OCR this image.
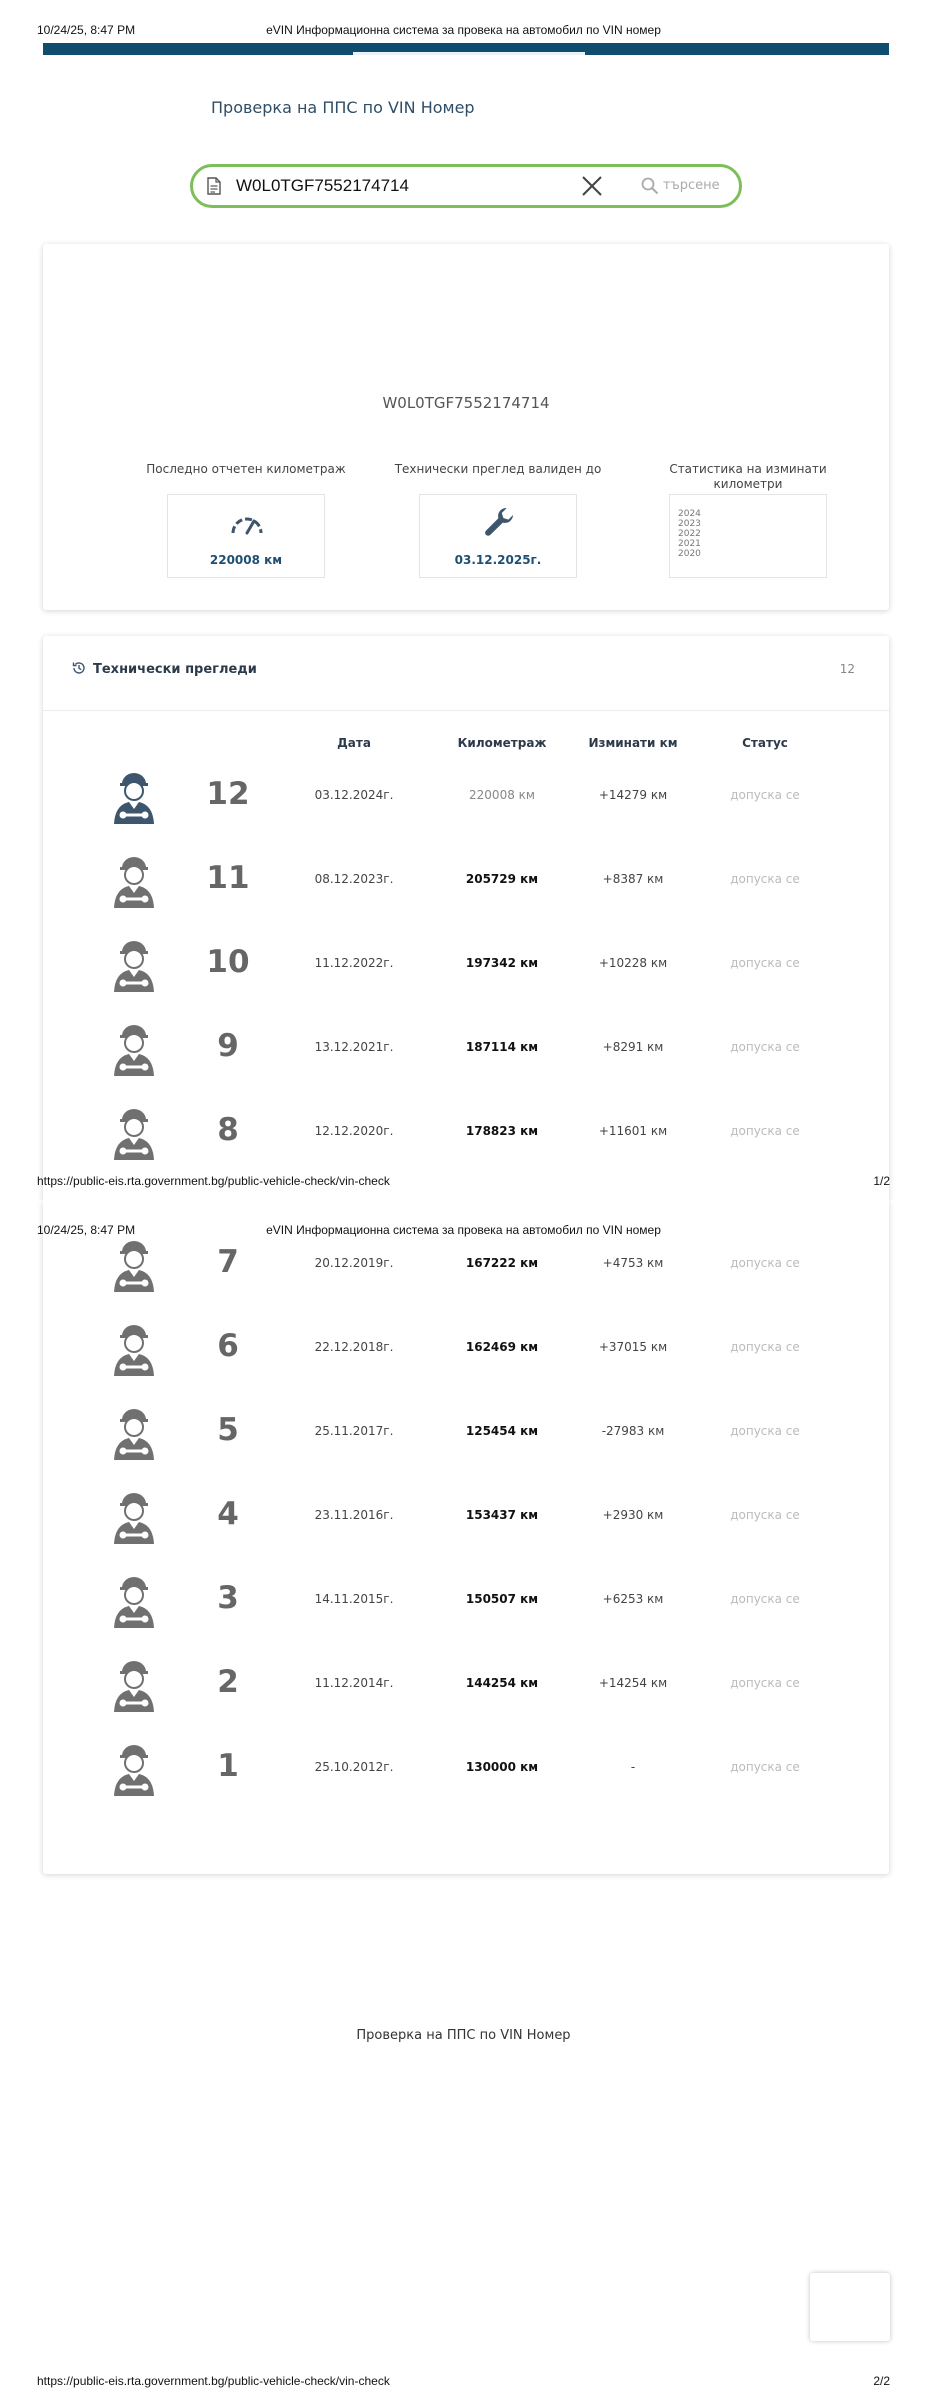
10/24/25, 8:47 PM	eVIN Информационна система за провека на автомобил по VIN номер
Проверка на ППС по VIN Номер
W0L0TGF7552174714	търсене
W0L0TGF7552174714
Последно отчетен километраж
220008 км
Технически преглед валиден до
03.12.2025г.
Статистика на изминати километри
2024
2023
2022
2021
2020
Технически прегледи	12
Дата	Километраж	Изминати км	Статус
12	03.12.2024г.	220008 км	+14279 км	допуска се
11	08.12.2023г.	205729 км	+8387 км	допуска се
10	11.12.2022г.	197342 км	+10228 км	допуска се
9	13.12.2021г.	187114 км	+8291 км	допуска се
8	12.12.2020г.	178823 км	+11601 км	допуска се
https://public-eis.rta.government.bg/public-vehicle-check/vin-check	1/2
7	20.12.2019г.	167222 км	+4753 км	допуска се
6	22.12.2018г.	162469 км	+37015 км	допуска се
5	25.11.2017г.	125454 км	-27983 км	допуска се
4	23.11.2016г.	153437 км	+2930 км	допуска се
3	14.11.2015г.	150507 км	+6253 км	допуска се
2	11.12.2014г.	144254 км	+14254 км	допуска се
1	25.10.2012г.	130000 км	-	допуска се
10/24/25, 8:47 PM	eVIN Информационна система за провека на автомобил по VIN номер
Проверка на ППС по VIN Номер
https://public-eis.rta.government.bg/public-vehicle-check/vin-check	2/2
